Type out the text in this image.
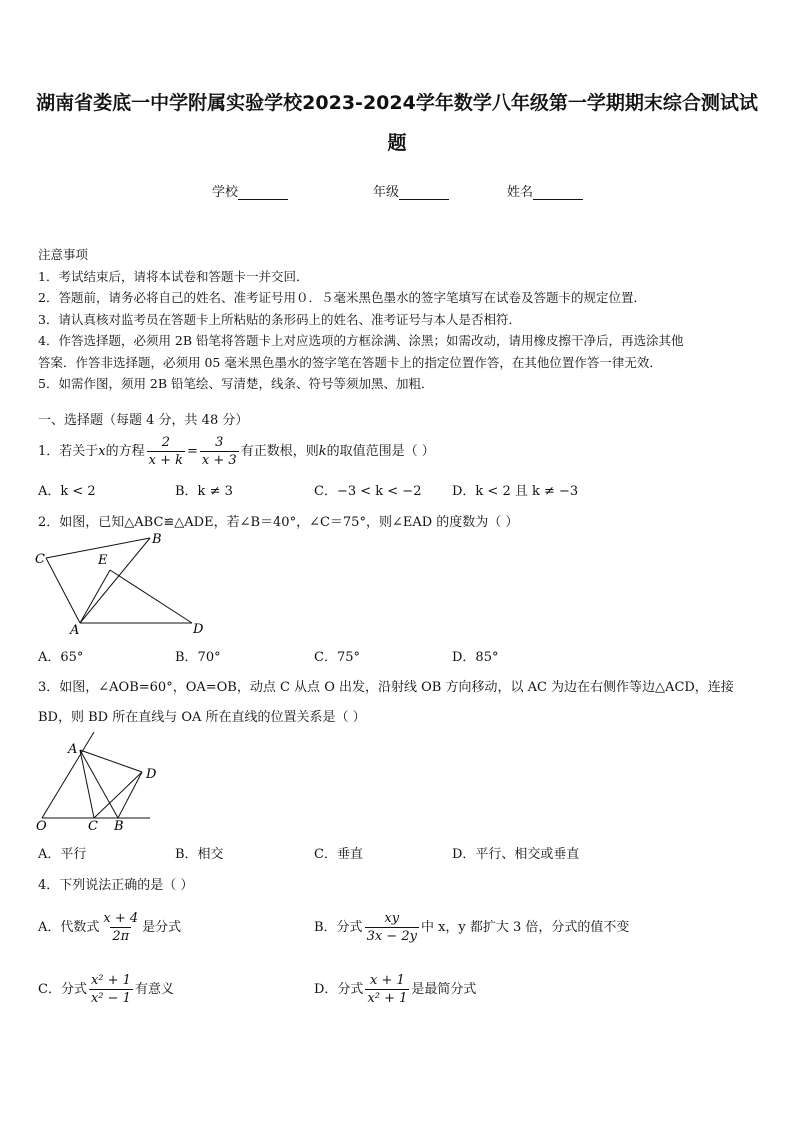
湖南省娄底一中学附属实验学校2023-2024学年数学八年级第一学期期末综合测试试
题
学校	年级	姓名
注意事项
1．考试结束后，请将本试卷和答题卡一并交回．
2．答题前，请务必将自己的姓名、准考证号用０．５毫米黑色墨水的签字笔填写在试卷及答题卡的规定位置．
3．请认真核对监考员在答题卡上所粘贴的条形码上的姓名、准考证号与本人是否相符．
4．作答选择题，必须用 2B 铅笔将答题卡上对应选项的方框涂满、涂黑；如需改动，请用橡皮擦干净后，再选涂其他
答案．作答非选择题，必须用 05 毫米黑色墨水的签字笔在答题卡上的指定位置作答，在其他位置作答一律无效．
5．如需作图，须用 2B 铅笔绘、写清楚，线条、符号等须加黑、加粗．
一、选择题（每题 4 分，共 48 分）
1．若关于x的方程 $\frac{2}{x + k} = \frac{3}{x + 3}$ 有正数根，则k的取值范围是（ ）
A．k < 2	B．k ≠ 3	C．−3 < k < −2 D．k < 2 且 k ≠ −3
2．如图，已知△ABC≌△ADE，若∠B＝40°，∠C＝75°，则∠EAD 的度数为（ ）
C	E
B
A	D
A．65°	B．70°	C．75°	D．85°
3．如图，∠AOB=60°，OA=OB，动点 C 从点 O 出发，沿射线 OB 方向移动，以 AC 为边在右侧作等边△ACD，连接
BD，则 BD 所在直线与 OA 所在直线的位置关系是（ ）
A
D
O	C B
A．平行	B．相交	C．垂直	D．平行、相交或垂直
4．下列说法正确的是（ ）
A．代数式 $\frac{x + 4}{2\pi}$ 是分式	B．分式 $\frac{xy}{3x - 2y}$ 中 x，y 都扩大 3 倍，分式的值不变
C．分式 $\frac{\text{x² + 1}}{\text{x² − 1}}$ 有意义	D．分式 $\frac{x + 1}{\text{x² + 1}}$ 是最简分式
